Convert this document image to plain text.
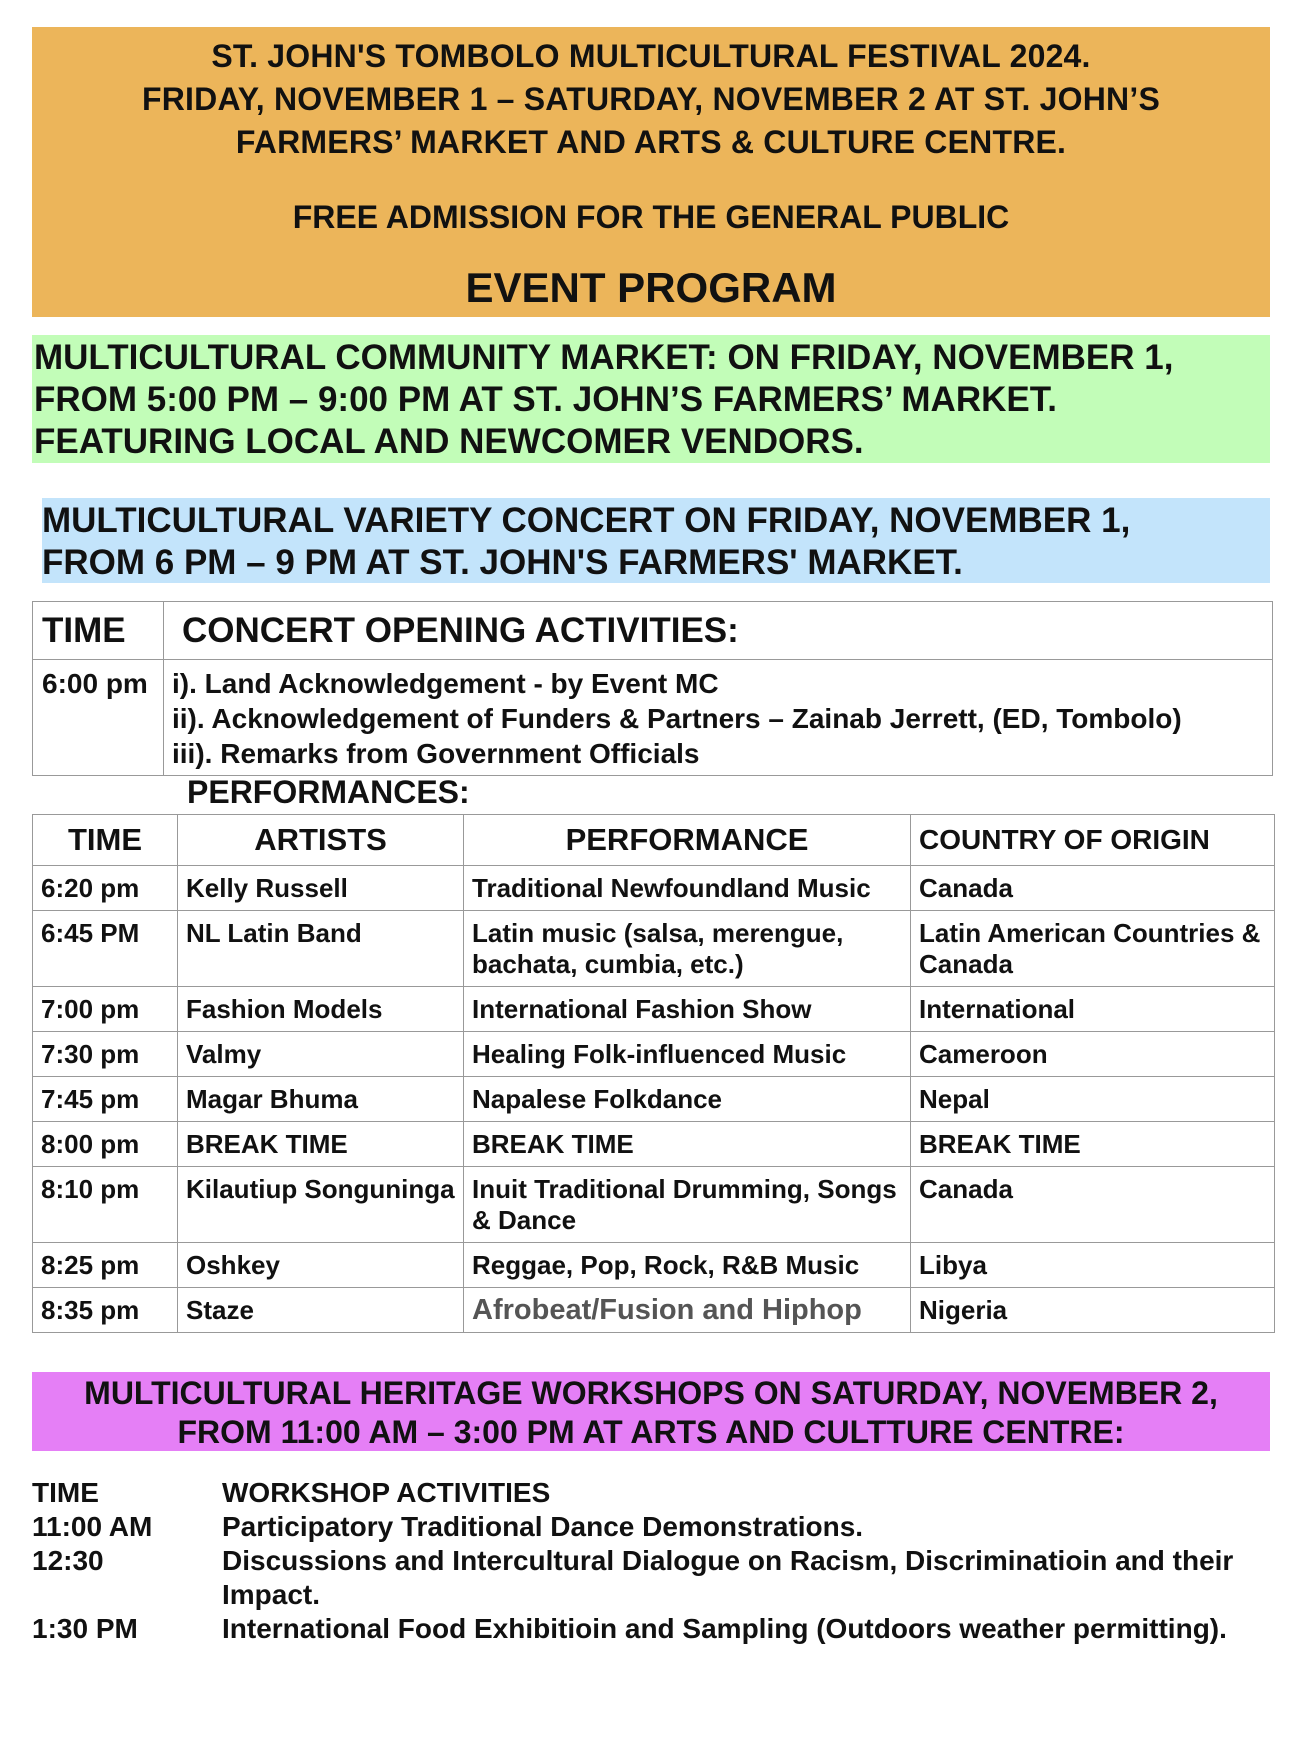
ST. JOHN'S TOMBOLO MULTICULTURAL FESTIVAL 2024.
FRIDAY, NOVEMBER 1 – SATURDAY, NOVEMBER 2 AT ST. JOHN’S
FARMERS’ MARKET AND ARTS & CULTURE CENTRE.
FREE ADMISSION FOR THE GENERAL PUBLIC
EVENT PROGRAM
MULTICULTURAL COMMUNITY MARKET: ON FRIDAY, NOVEMBER 1,
FROM 5:00 PM – 9:00 PM AT ST. JOHN’S FARMERS’ MARKET.
FEATURING LOCAL AND NEWCOMER VENDORS.
MULTICULTURAL VARIETY CONCERT ON FRIDAY, NOVEMBER 1,
FROM 6 PM – 9 PM AT ST. JOHN'S FARMERS' MARKET.
TIME	CONCERT OPENING ACTIVITIES:
6:00 pm	i). Land Acknowledgement - by Event MC
ii). Acknowledgement of Funders & Partners – Zainab Jerrett, (ED, Tombolo)
iii). Remarks from Government Officials
PERFORMANCES:
TIME	ARTISTS	PERFORMANCE	COUNTRY OF ORIGIN
6:20 pm	Kelly Russell	Traditional Newfoundland Music	Canada
6:45 PM	NL Latin Band	Latin music (salsa, merengue, bachata, cumbia, etc.)	Latin American Countries & Canada
7:00 pm	Fashion Models	International Fashion Show	International
7:30 pm	Valmy	Healing Folk-influenced Music	Cameroon
7:45 pm	Magar Bhuma	Napalese Folkdance	Nepal
8:00 pm	BREAK TIME	BREAK TIME	BREAK TIME
8:10 pm	Kilautiup Songuninga	Inuit Traditional Drumming, Songs & Dance	Canada
8:25 pm	Oshkey	Reggae, Pop, Rock, R&B Music	Libya
8:35 pm	Staze	Afrobeat/Fusion and Hiphop	Nigeria
MULTICULTURAL HERITAGE WORKSHOPS ON SATURDAY, NOVEMBER 2,
FROM 11:00 AM – 3:00 PM AT ARTS AND CULTTURE CENTRE:
TIME	WORKSHOP ACTIVITIES
11:00 AM	Participatory Traditional Dance Demonstrations.
12:30	Discussions and Intercultural Dialogue on Racism, Discriminatioin and their Impact.
1:30 PM	International Food Exhibitioin and Sampling (Outdoors weather permitting).
